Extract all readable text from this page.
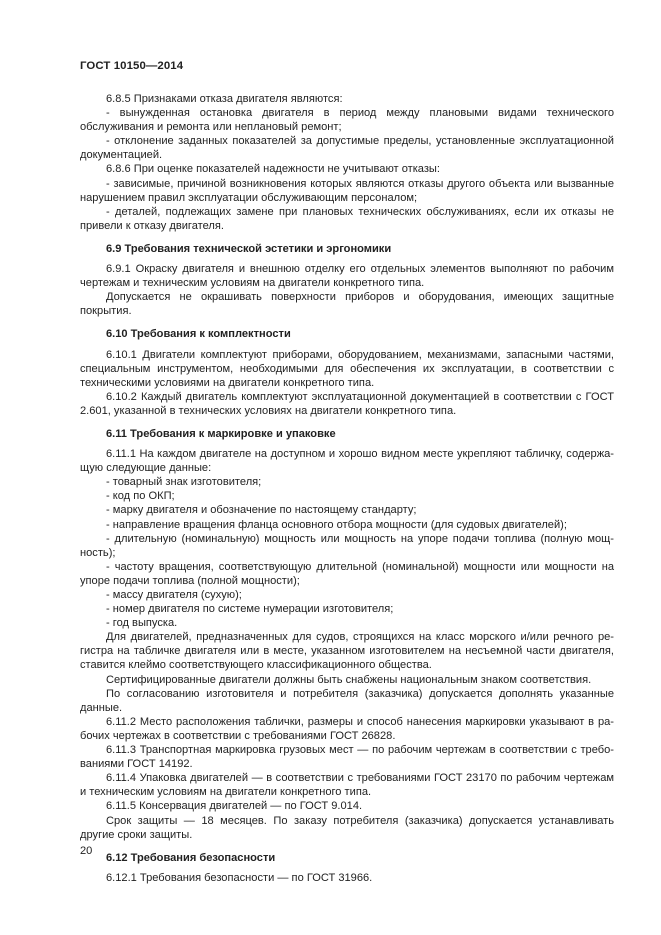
ГОСТ 10150—2014

6.8.5 Признаками отказа двигателя являются:

- вынужденная остановка двигателя в период между плановыми видами технического обслуживания и ремонта или неплановый ремонт;

- отклонение заданных показателей за допустимые пределы, установленные эксплуатационной документацией.

6.8.6 При оценке показателей надежности не учитывают отказы:

- зависимые, причиной возникновения которых являются отказы другого объекта или вызванные нарушением правил эксплуатации обслуживающим персоналом;

- деталей, подлежащих замене при плановых технических обслуживаниях, если их отказы не привели к отказу двигателя.

6.9 Требования технической эстетики и эргономики

6.9.1 Окраску двигателя и внешнюю отделку его отдельных элементов выполняют по рабочим чертежам и техническим условиям на двигатели конкретного типа.

Допускается не окрашивать поверхности приборов и оборудования, имеющих защитные покрытия.

6.10 Требования к комплектности

6.10.1 Двигатели комплектуют приборами, оборудованием, механизмами, запасными частями, специальным инструментом, необходимыми для обеспечения их эксплуатации, в соответствии с техническими условиями на двигатели конкретного типа.

6.10.2 Каждый двигатель комплектуют эксплуатационной документацией в соответствии с ГОСТ 2.601, указанной в технических условиях на двигатели конкретного типа.

6.11 Требования к маркировке и упаковке

6.11.1 На каждом двигателе на доступном и хорошо видном месте укрепляют табличку, содержащую следующие данные:

- товарный знак изготовителя;

- код по ОКП;

- марку двигателя и обозначение по настоящему стандарту;

- направление вращения фланца основного отбора мощности (для судовых двигателей);

- длительную (номинальную) мощность или мощность на упоре подачи топлива (полную мощность);

- частоту вращения, соответствующую длительной (номинальной) мощности или мощности на упоре подачи топлива (полной мощности);

- массу двигателя (сухую);

- номер двигателя по системе нумерации изготовителя;

- год выпуска.

Для двигателей, предназначенных для судов, строящихся на класс морского и/или речного регистра на табличке двигателя или в месте, указанном изготовителем на несъемной части двигателя, ставится клеймо соответствующего классификационного общества.

Сертифицированные двигатели должны быть снабжены национальным знаком соответствия.

По согласованию изготовителя и потребителя (заказчика) допускается дополнять указанные данные.

6.11.2 Место расположения таблички, размеры и способ нанесения маркировки указывают в рабочих чертежах в соответствии с требованиями ГОСТ 26828.

6.11.3 Транспортная маркировка грузовых мест — по рабочим чертежам в соответствии с требованиями ГОСТ 14192.

6.11.4 Упаковка двигателей — в соответствии с требованиями ГОСТ 23170 по рабочим чертежам и техническим условиям на двигатели конкретного типа.

6.11.5 Консервация двигателей — по ГОСТ 9.014.

Срок защиты — 18 месяцев. По заказу потребителя (заказчика) допускается устанавливать другие сроки защиты.

6.12 Требования безопасности

6.12.1 Требования безопасности — по ГОСТ 31966.

20
